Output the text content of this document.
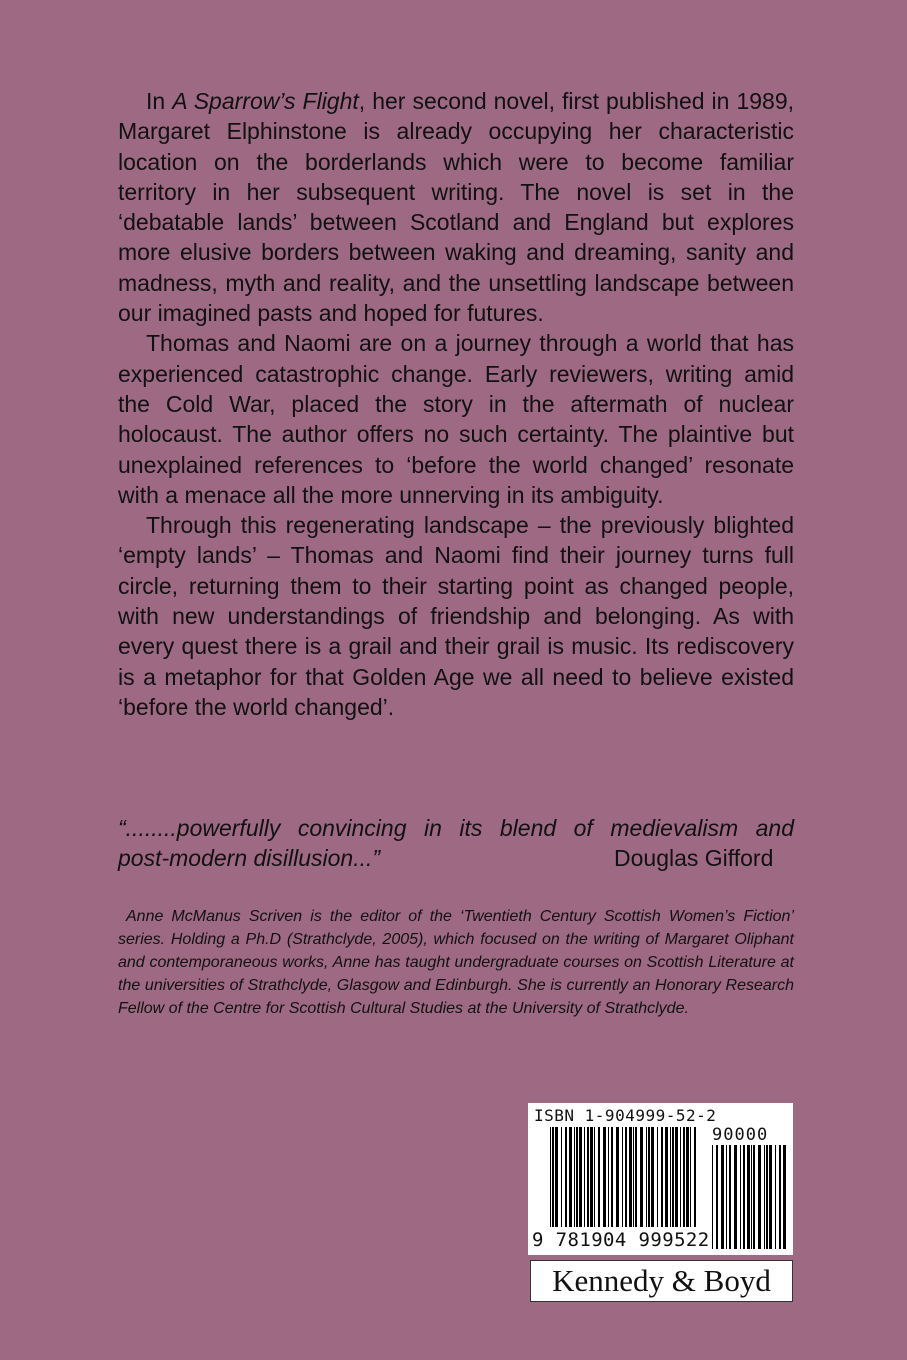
In A Sparrow’s Flight, her second novel, first published in 1989, Margaret Elphinstone is already occupying her characteristic location on the borderlands which were to become familiar territory in her subsequent writing. The novel is set in the ‘debatable lands’ between Scotland and England but explores more elusive borders between waking and dreaming, sanity and madness, myth and reality, and the unsettling landscape between our imagined pasts and hoped for futures.

Thomas and Naomi are on a journey through a world that has experienced catastrophic change. Early reviewers, writing amid the Cold War, placed the story in the aftermath of nuclear holocaust. The author offers no such certainty. The plaintive but unexplained references to ‘before the world changed’ resonate with a menace all the more unnerving in its ambiguity.

Through this regenerating landscape – the previously blighted ‘empty lands’ – Thomas and Naomi find their journey turns full circle, returning them to their starting point as changed people, with new understandings of friendship and belonging. As with every quest there is a grail and their grail is music. Its rediscovery is a metaphor for that Golden Age we all need to believe existed ‘before the world changed’.

“........powerfully convincing in its blend of medievalism and
post-modern disillusion...”	Douglas Gifford
Anne McManus Scriven is the editor of the ‘Twentieth Century Scottish Women’s Fiction’ series. Holding a Ph.D (Strathclyde, 2005), which focused on the writing of Margaret Oliphant and contemporaneous works, Anne has taught undergraduate courses on Scottish Literature at the universities of Strathclyde, Glasgow and Edinburgh. She is currently an Honorary Research Fellow of the Centre for Scottish Cultural Studies at the University of Strathclyde.
ISBN 1-904999-52-2
90000
9 781904 999522
Kennedy & Boyd
